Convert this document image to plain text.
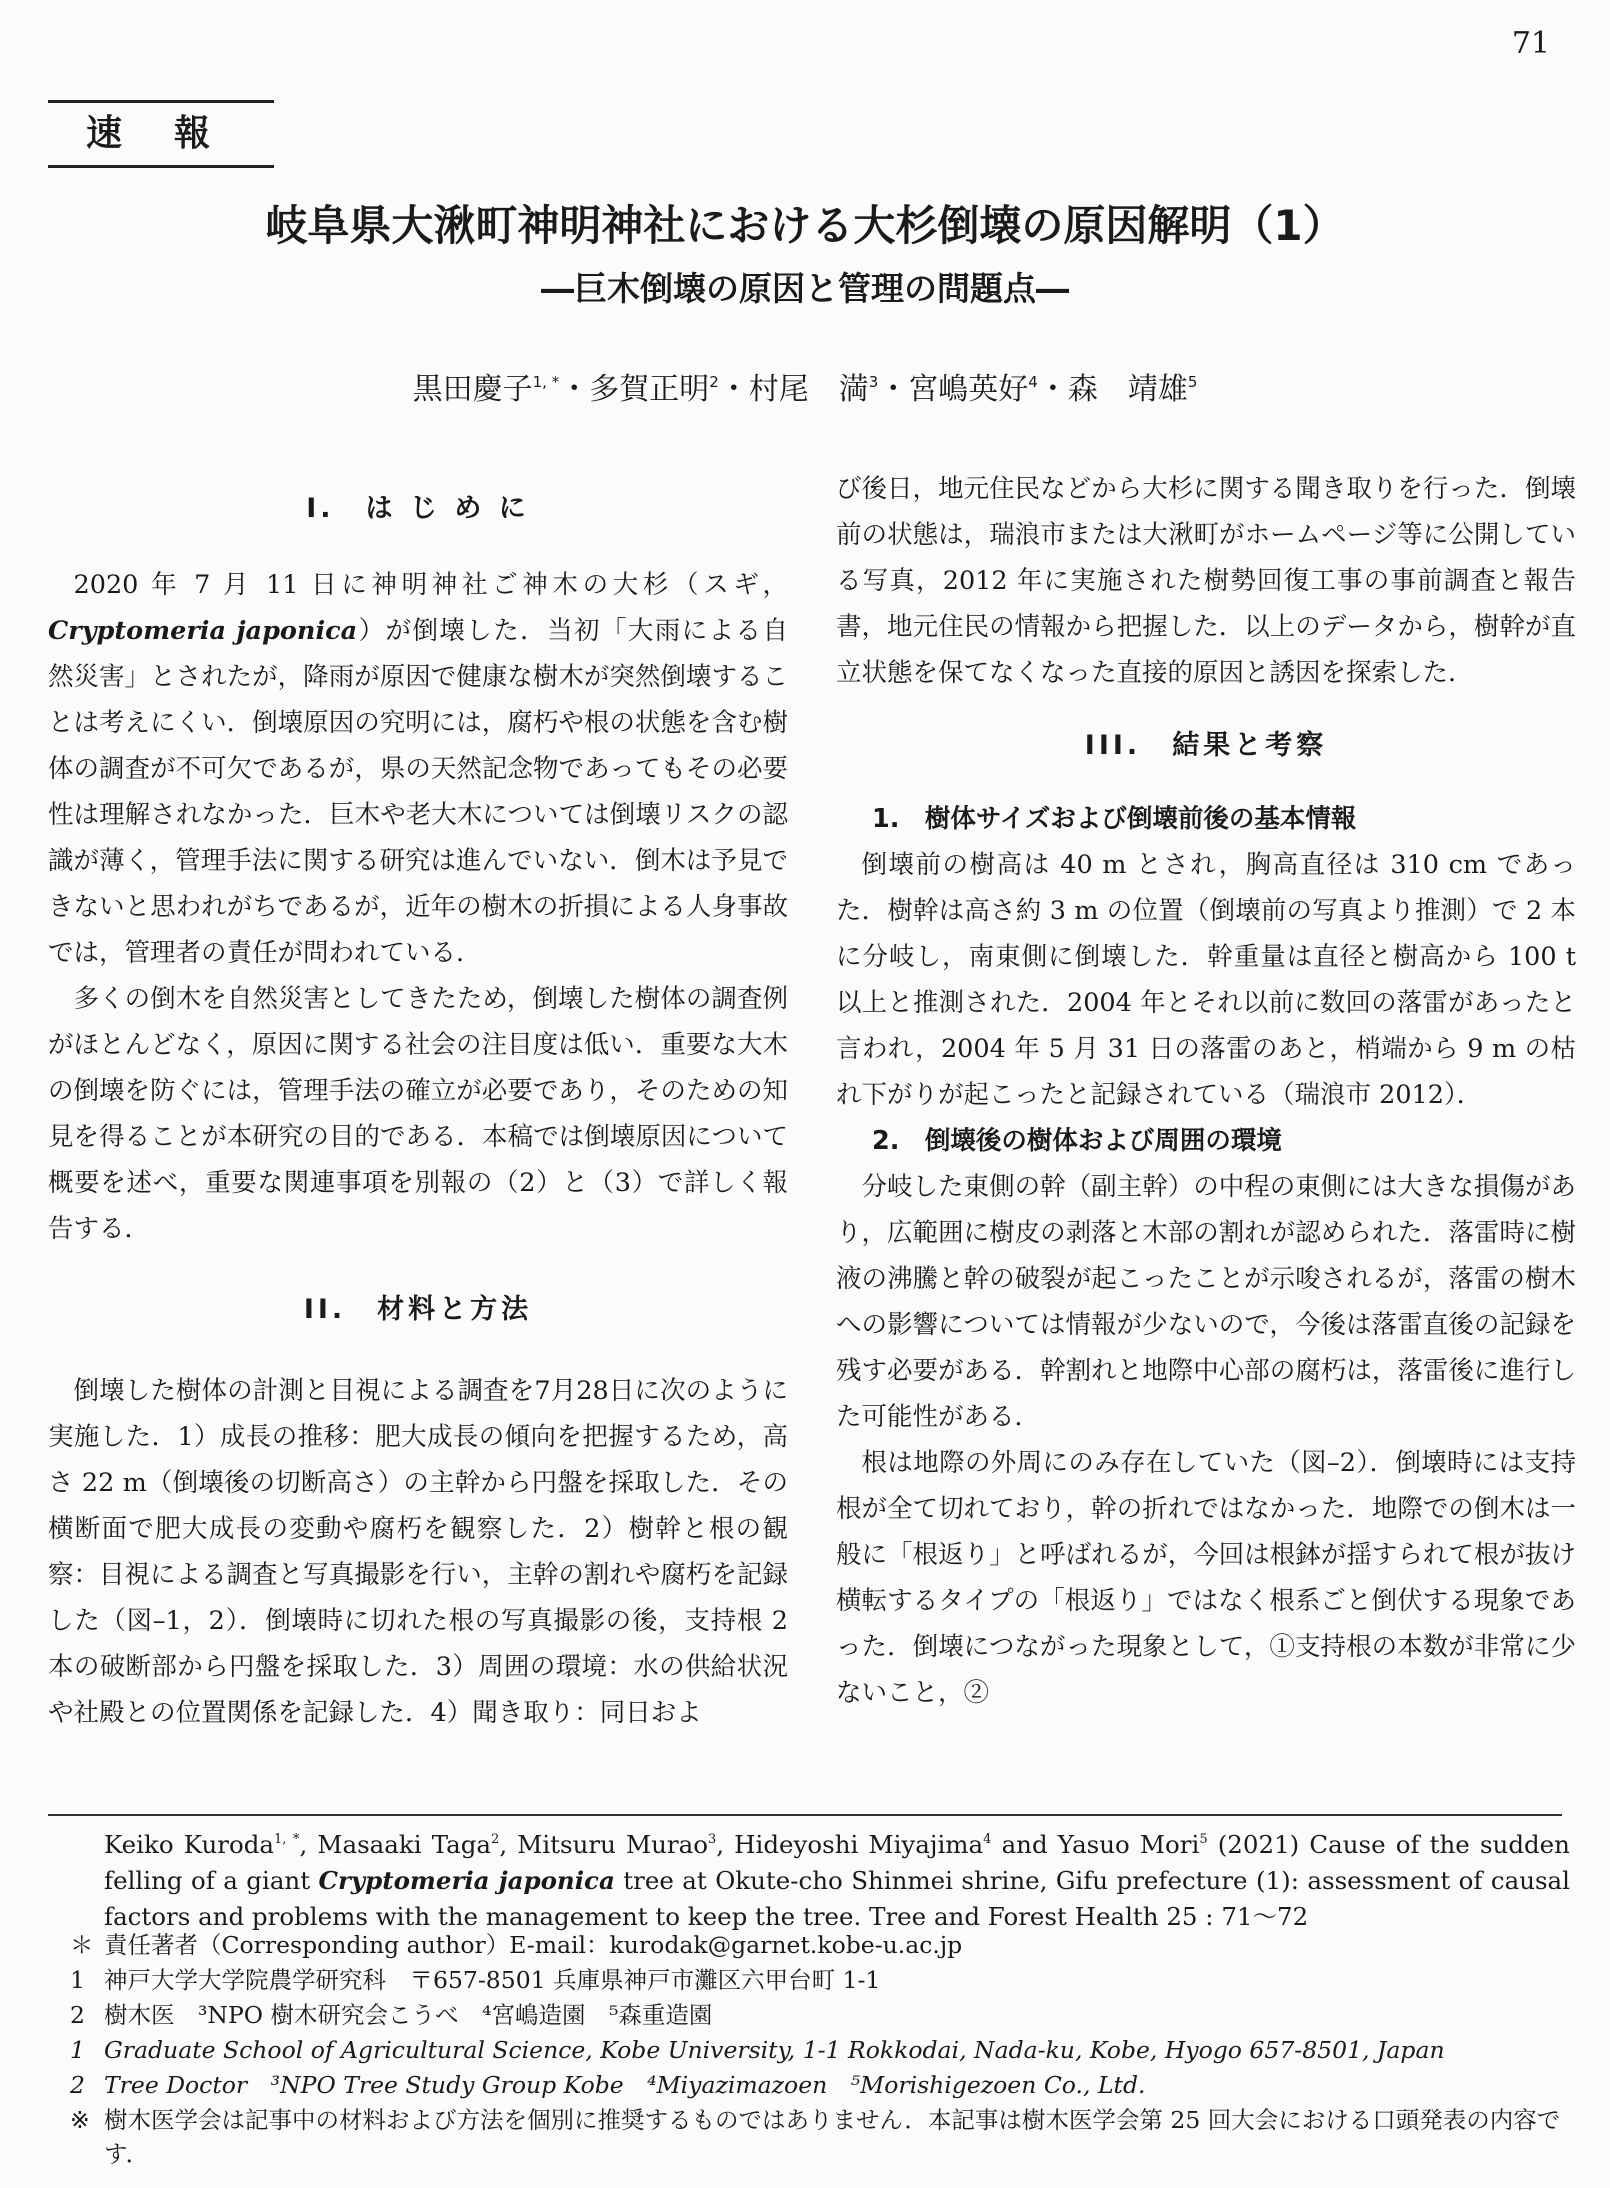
71
速報
岐阜県大湫町神明神社における大杉倒壊の原因解明（1）
―巨木倒壊の原因と管理の問題点―
黒田慶子$^{1, *}$・多賀正明$^2$・村尾　満$^3$・宮嶋英好$^4$・森　靖雄$^5$
I.　は じ め に

2020 年 7 月 11 日に神明神社ご神木の大杉（スギ，Cryptomeria japonica）が倒壊した．当初「大雨による自然災害」とされたが，降雨が原因で健康な樹木が突然倒壊することは考えにくい．倒壊原因の究明には，腐朽や根の状態を含む樹体の調査が不可欠であるが，県の天然記念物であってもその必要性は理解されなかった．巨木や老大木については倒壊リスクの認識が薄く，管理手法に関する研究は進んでいない．倒木は予見できないと思われがちであるが，近年の樹木の折損による人身事故では，管理者の責任が問われている．

多くの倒木を自然災害としてきたため，倒壊した樹体の調査例がほとんどなく，原因に関する社会の注目度は低い．重要な大木の倒壊を防ぐには，管理手法の確立が必要であり，そのための知見を得ることが本研究の目的である．本稿では倒壊原因について概要を述べ，重要な関連事項を別報の（2）と（3）で詳しく報告する．

II.　材料と方法

倒壊した樹体の計測と目視による調査を7月28日に次のように実施した．1）成長の推移：肥大成長の傾向を把握するため，高さ 22 m（倒壊後の切断高さ）の主幹から円盤を採取した．その横断面で肥大成長の変動や腐朽を観察した．2）樹幹と根の観察：目視による調査と写真撮影を行い，主幹の割れや腐朽を記録した（図–1，2）．倒壊時に切れた根の写真撮影の後，支持根 2 本の破断部から円盤を採取した．3）周囲の環境：水の供給状況や社殿との位置関係を記録した．4）聞き取り：同日およ

び後日，地元住民などから大杉に関する聞き取りを行った．倒壊前の状態は，瑞浪市または大湫町がホームページ等に公開している写真，2012 年に実施された樹勢回復工事の事前調査と報告書，地元住民の情報から把握した．以上のデータから，樹幹が直立状態を保てなくなった直接的原因と誘因を探索した．

III.　結果と考察
1.　樹体サイズおよび倒壊前後の基本情報

倒壊前の樹高は 40 m とされ，胸高直径は 310 cm であった．樹幹は高さ約 3 m の位置（倒壊前の写真より推測）で 2 本に分岐し，南東側に倒壊した．幹重量は直径と樹高から 100 t 以上と推測された．2004 年とそれ以前に数回の落雷があったと言われ，2004 年 5 月 31 日の落雷のあと，梢端から 9 m の枯れ下がりが起こったと記録されている（瑞浪市 2012）．

2.　倒壊後の樹体および周囲の環境

分岐した東側の幹（副主幹）の中程の東側には大きな損傷があり，広範囲に樹皮の剥落と木部の割れが認められた．落雷時に樹液の沸騰と幹の破裂が起こったことが示唆されるが，落雷の樹木への影響については情報が少ないので，今後は落雷直後の記録を残す必要がある．幹割れと地際中心部の腐朽は，落雷後に進行した可能性がある．

根は地際の外周にのみ存在していた（図–2）．倒壊時には支持根が全て切れており，幹の折れではなかった．地際での倒木は一般に「根返り」と呼ばれるが，今回は根鉢が揺すられて根が抜け横転するタイプの「根返り」ではなく根系ごと倒伏する現象であった．倒壊につながった現象として，①支持根の本数が非常に少ないこと，②

Keiko Kuroda$^{1, *}$, Masaaki Taga$^2$, Mitsuru Murao$^3$, Hideyoshi Miyajima$^4$ and Yasuo Mori$^5$ (2021) Cause of the sudden felling of a giant Cryptomeria japonica tree at Okute-cho Shinmei shrine, Gifu prefecture (1): assessment of causal factors and problems with the management to keep the tree. Tree and Forest Health 25 : 71～72
＊ 責任著者（Corresponding author）E-mail：kurodak@garnet.kobe-u.ac.jp
1 神戸大学大学院農学研究科　〒657-8501 兵庫県神戸市灘区六甲台町 1-1
2 樹木医　³NPO 樹木研究会こうべ　⁴宮嶋造園　⁵森重造園
1 Graduate School of Agricultural Science, Kobe University, 1-1 Rokkodai, Nada-ku, Kobe, Hyogo 657-8501, Japan
2 Tree Doctor　³NPO Tree Study Group Kobe　⁴Miyazimazoen　⁵Morishigezoen Co., Ltd.
※ 樹木医学会は記事中の材料および方法を個別に推奨するものではありません．本記事は樹木医学会第 25 回大会における口頭発表の内容です．
